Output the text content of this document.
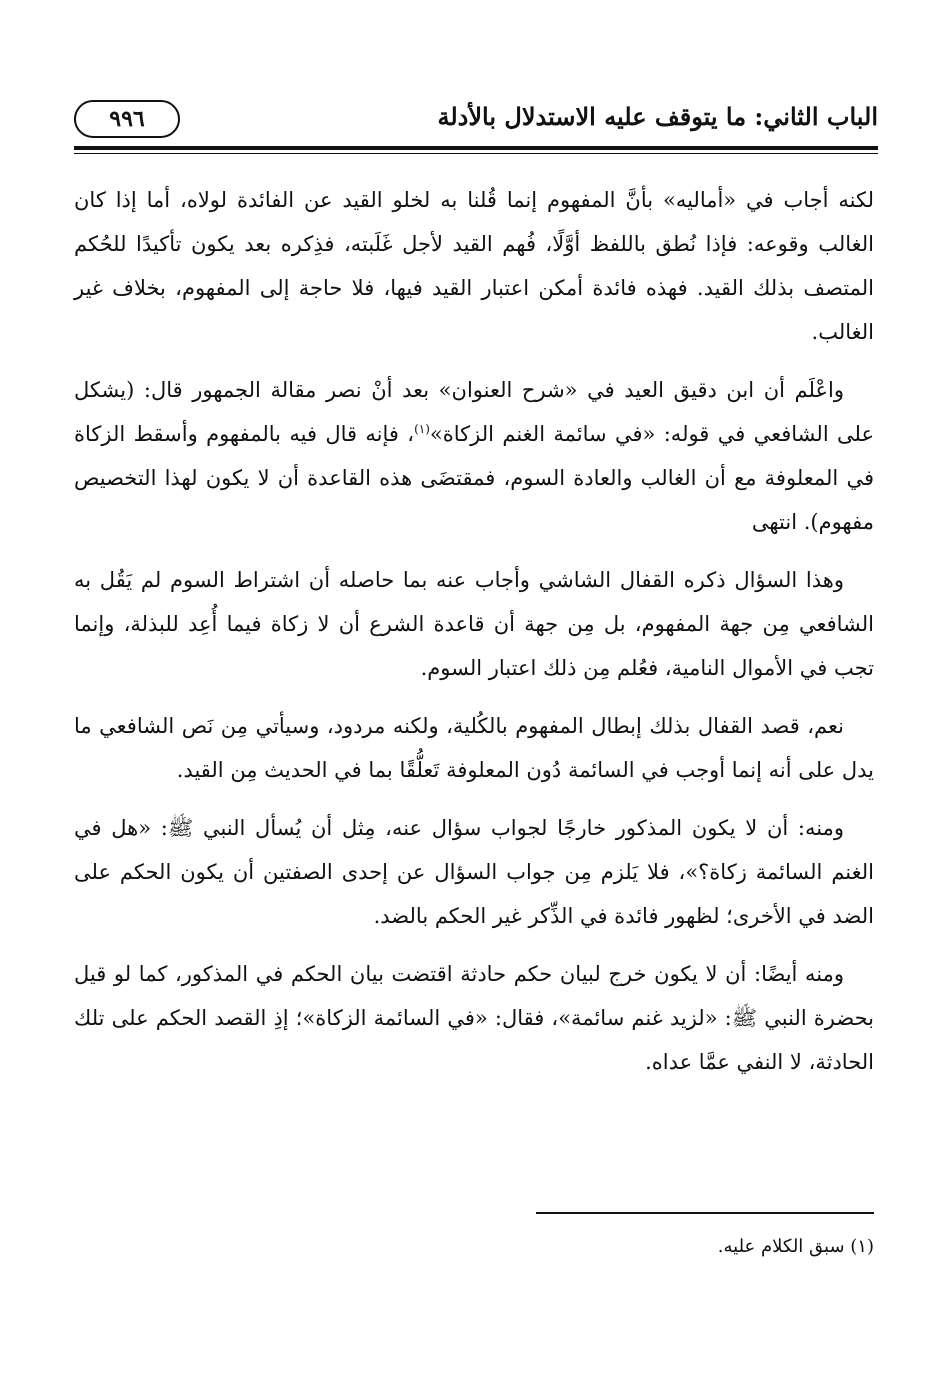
الباب الثاني: ما يتوقف عليه الاستدلال بالأدلة
٩٩٦

لكنه أجاب في «أماليه» بأنَّ المفهوم إنما قُلنا به لخلو القيد عن الفائدة لولاه، أما إذا كان الغالب وقوعه: فإذا نُطق باللفظ أوَّلًا، فُهم القيد لأجل غَلَبته، فذِكره بعد يكون تأكيدًا للحُكم المتصف بذلك القيد. فهذه فائدة أمكن اعتبار القيد فيها، فلا حاجة إلى المفهوم، بخلاف غير الغالب.

واعْلَم أن ابن دقيق العيد في «شرح العنوان» بعد أنْ نصر مقالة الجمهور قال: (يشكل على الشافعي في قوله: «في سائمة الغنم الزكاة»$^{(١)}$، فإنه قال فيه بالمفهوم وأسقط الزكاة في المعلوفة مع أن الغالب والعادة السوم، فمقتضَى هذه القاعدة أن لا يكون لهذا التخصيص مفهوم). انتهى

وهذا السؤال ذكره القفال الشاشي وأجاب عنه بما حاصله أن اشتراط السوم لم يَقُل به الشافعي مِن جهة المفهوم، بل مِن جهة أن قاعدة الشرع أن لا زكاة فيما أُعِد للبذلة، وإنما تجب في الأموال النامية، فعُلم مِن ذلك اعتبار السوم.

نعم، قصد القفال بذلك إبطال المفهوم بالكُلية، ولكنه مردود، وسيأتي مِن نَص الشافعي ما يدل على أنه إنما أوجب في السائمة دُون المعلوفة تَعلُّقًا بما في الحديث مِن القيد.

ومنه: أن لا يكون المذكور خارجًا لجواب سؤال عنه، مِثل أن يُسأل النبي ﷺ: «هل في الغنم السائمة زكاة؟»، فلا يَلزم مِن جواب السؤال عن إحدى الصفتين أن يكون الحكم على الضد في الأخرى؛ لظهور فائدة في الذِّكر غير الحكم بالضد.

ومنه أيضًا: أن لا يكون خرج لبيان حكم حادثة اقتضت بيان الحكم في المذكور، كما لو قيل بحضرة النبي ﷺ: «لزيد غنم سائمة»، فقال: «في السائمة الزكاة»؛ إذِ القصد الحكم على تلك الحادثة، لا النفي عمَّا عداه.

(١) سبق الكلام عليه.
